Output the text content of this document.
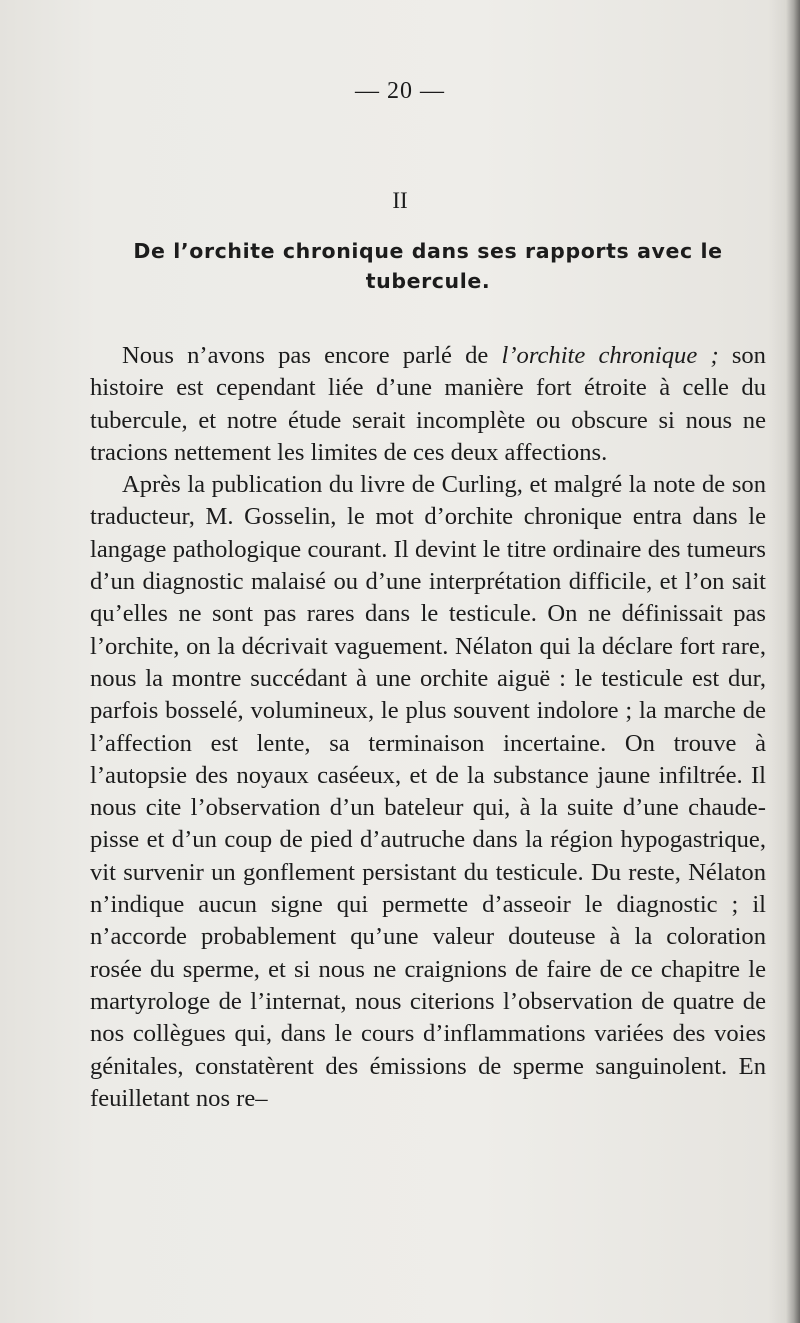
— 20 —
II
De l’orchite chronique dans ses rapports avec le tubercule.

Nous n’avons pas encore parlé de l’orchite chronique ; son histoire est cependant liée d’une manière fort étroite à celle du tubercule, et notre étude serait incomplète ou obscure si nous ne tracions nettement les limites de ces deux affections.

Après la publication du livre de Curling, et malgré la note de son traducteur, M. Gosselin, le mot d’orchite chronique entra dans le langage pathologique courant. Il devint le titre ordinaire des tumeurs d’un diagnostic malaisé ou d’une interprétation difficile, et l’on sait qu’elles ne sont pas rares dans le testicule. On ne définissait pas l’orchite, on la décrivait vaguement. Nélaton qui la déclare fort rare, nous la montre succédant à une orchite aiguë : le testicule est dur, parfois bosselé, volumineux, le plus souvent indolore ; la marche de l’affection est lente, sa terminaison incertaine. On trouve à l’autopsie des noyaux caséeux, et de la substance jaune infiltrée. Il nous cite l’observation d’un bateleur qui, à la suite d’une chaude-pisse et d’un coup de pied d’autruche dans la région hypogastrique, vit survenir un gonflement persistant du testicule. Du reste, Nélaton n’indique aucun signe qui permette d’asseoir le diagnostic ; il n’accorde probablement qu’une valeur douteuse à la coloration rosée du sperme, et si nous ne craignions de faire de ce chapitre le martyrologe de l’internat, nous citerions l’observation de quatre de nos collègues qui, dans le cours d’inflammations variées des voies génitales, constatèrent des émissions de sperme sanguinolent. En feuilletant nos re–
